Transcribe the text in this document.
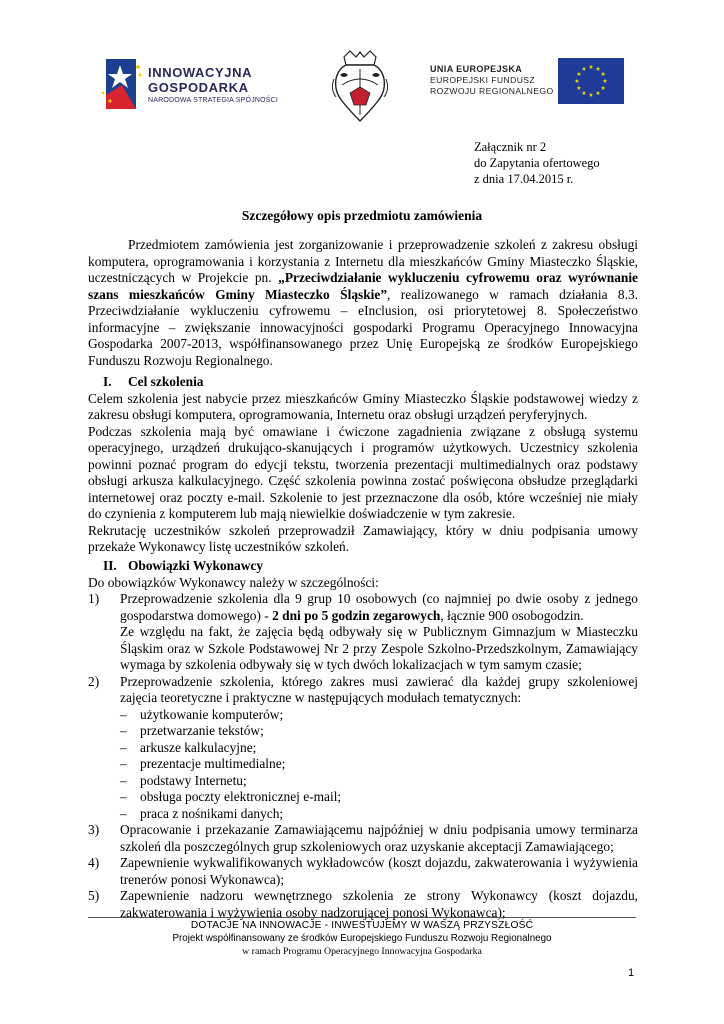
INNOWACYJNA
GOSPODARKA
NARODOWA STRATEGIA SPÓJNOŚCI
UNIA EUROPEJSKA
EUROPEJSKI FUNDUSZ
ROZWOJU REGIONALNEGO
Załącznik nr 2
do Zapytania ofertowego
z dnia 17.04.2015 r.
Szczegółowy opis przedmiotu zamówienia

Przedmiotem zamówienia jest zorganizowanie i przeprowadzenie szkoleń z zakresu obsługi komputera, oprogramowania i korzystania z Internetu dla mieszkańców Gminy Miasteczko Śląskie, uczestniczących w Projekcie pn. „Przeciwdziałanie wykluczeniu cyfrowemu oraz wyrównanie szans mieszkańców Gminy Miasteczko Śląskie”, realizowanego w ramach działania 8.3. Przeciwdziałanie wykluczeniu cyfrowemu – eInclusion, osi priorytetowej 8. Społeczeństwo informacyjne – zwiększanie innowacyjności gospodarki Programu Operacyjnego Innowacyjna Gospodarka 2007-2013, współfinansowanego przez Unię Europejską ze środków Europejskiego Funduszu Rozwoju Regionalnego.

I. Cel szkolenia

Celem szkolenia jest nabycie przez mieszkańców Gminy Miasteczko Śląskie podstawowej wiedzy z zakresu obsługi komputera, oprogramowania, Internetu oraz obsługi urządzeń peryferyjnych.

Podczas szkolenia mają być omawiane i ćwiczone zagadnienia związane z obsługą systemu operacyjnego, urządzeń drukująco-skanujących i programów użytkowych. Uczestnicy szkolenia powinni poznać program do edycji tekstu, tworzenia prezentacji multimedialnych oraz podstawy obsługi arkusza kalkulacyjnego. Część szkolenia powinna zostać poświęcona obsłudze przeglądarki internetowej oraz poczty e-mail. Szkolenie to jest przeznaczone dla osób, które wcześniej nie miały do czynienia z komputerem lub mają niewielkie doświadczenie w tym zakresie.

Rekrutację uczestników szkoleń przeprowadził Zamawiający, który w dniu podpisania umowy przekaże Wykonawcy listę uczestników szkoleń.

II. Obowiązki Wykonawcy

Do obowiązków Wykonawcy należy w szczególności:

1) Przeprowadzenie szkolenia dla 9 grup 10 osobowych (co najmniej po dwie osoby z jednego gospodarstwa domowego) - 2 dni po 5 godzin zegarowych, łącznie 900 osobogodzin.

Ze względu na fakt, że zajęcia będą odbywały się w Publicznym Gimnazjum w Miasteczku Śląskim oraz w Szkole Podstawowej Nr 2 przy Zespole Szkolno-Przedszkolnym, Zamawiający wymaga by szkolenia odbywały się w tych dwóch lokalizacjach w tym samym czasie;

2) Przeprowadzenie szkolenia, którego zakres musi zawierać dla każdej grupy szkoleniowej zajęcia teoretyczne i praktyczne w następujących modułach tematycznych:

– użytkowanie komputerów;

– przetwarzanie tekstów;

– arkusze kalkulacyjne;

– prezentacje multimedialne;

– podstawy Internetu;

– obsługa poczty elektronicznej e-mail;

– praca z nośnikami danych;

3) Opracowanie i przekazanie Zamawiającemu najpóźniej w dniu podpisania umowy terminarza szkoleń dla poszczególnych grup szkoleniowych oraz uzyskanie akceptacji Zamawiającego;

4) Zapewnienie wykwalifikowanych wykładowców (koszt dojazdu, zakwaterowania i wyżywienia trenerów ponosi Wykonawca);

5) Zapewnienie nadzoru wewnętrznego szkolenia ze strony Wykonawcy (koszt dojazdu, zakwaterowania i wyżywienia osoby nadzorującej ponosi Wykonawca);

DOTACJE NA INNOWACJE - INWESTUJEMY W WASZĄ PRZYSZŁOŚĆ
Projekt współfinansowany ze środków Europejskiego Funduszu Rozwoju Regionalnego
w ramach Programu Operacyjnego Innowacyjna Gospodarka
1
